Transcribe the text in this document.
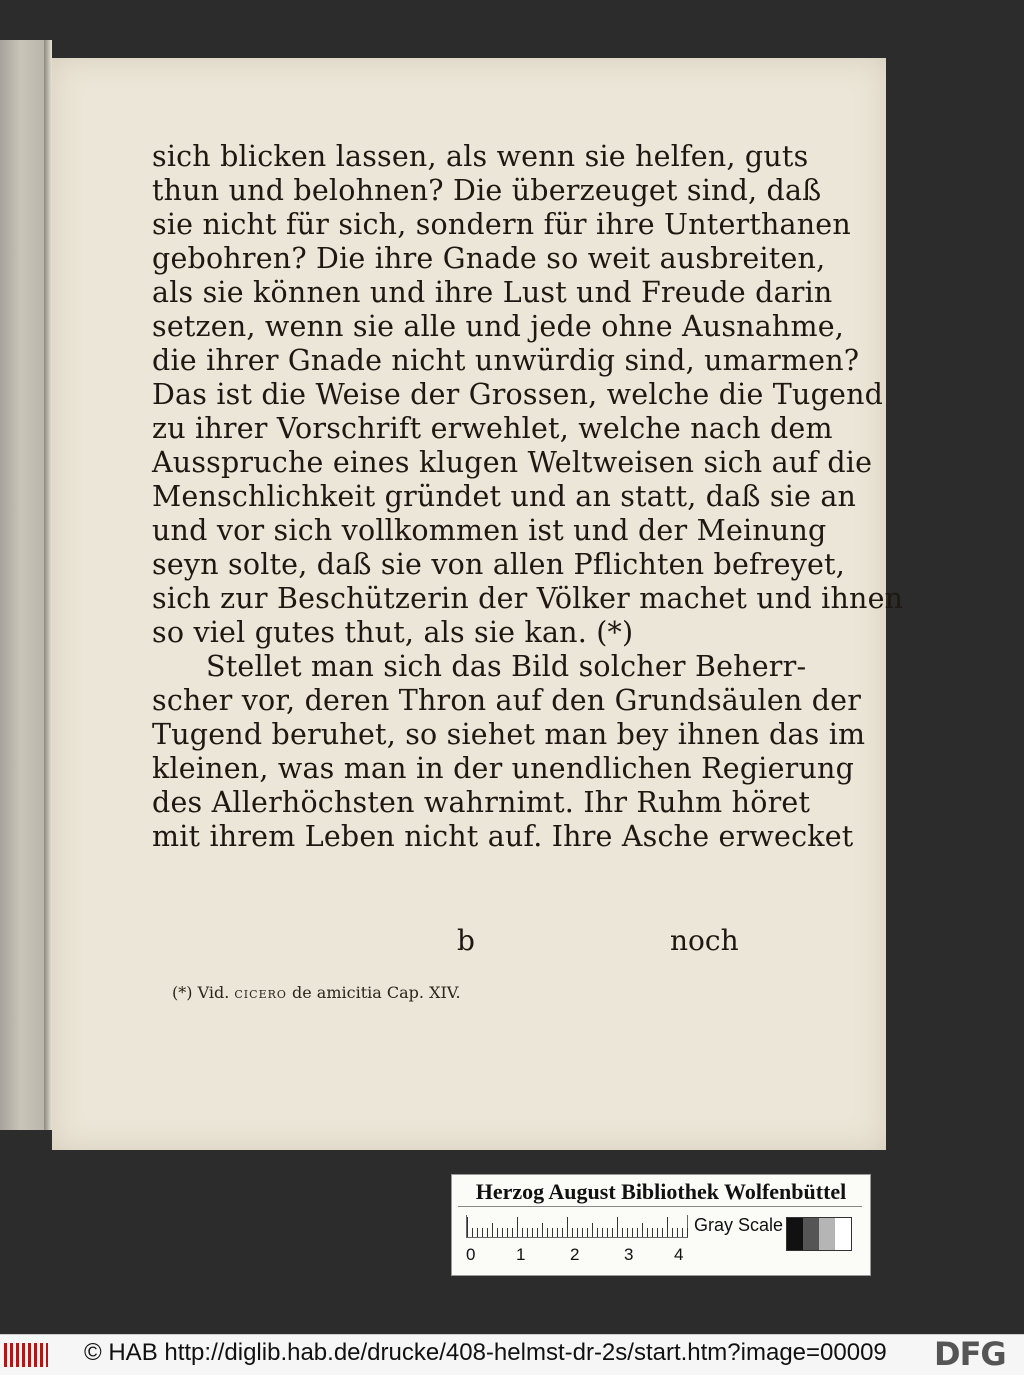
sich blicken lassen, als wenn sie helfen, guts
thun und belohnen? Die überzeuget sind, daß
sie nicht für sich, sondern für ihre Unterthanen
gebohren? Die ihre Gnade so weit ausbreiten,
als sie können und ihre Lust und Freude darin
setzen, wenn sie alle und jede ohne Ausnahme,
die ihrer Gnade nicht unwürdig sind, umarmen?
Das ist die Weise der Grossen, welche die Tugend
zu ihrer Vorschrift erwehlet, welche nach dem
Ausspruche eines klugen Weltweisen sich auf die
Menschlichkeit gründet und an statt, daß sie an
und vor sich vollkommen ist und der Meinung
seyn solte, daß sie von allen Pflichten befreyet,
sich zur Beschützerin der Völker machet und ihnen
so viel gutes thut, als sie kan. (*)
Stellet man sich das Bild solcher Beherr-
scher vor, deren Thron auf den Grundsäulen der
Tugend beruhet, so siehet man bey ihnen das im
kleinen, was man in der unendlichen Regierung
des Allerhöchsten wahrnimt. Ihr Ruhm höret
mit ihrem Leben nicht auf. Ihre Asche erwecket
b	noch
(*) Vid. cicero de amicitia Cap. XIV.
Herzog August Bibliothek Wolfenbüttel
0 1	2	3 4
Gray Scale
© HAB http://diglib.hab.de/drucke/408-helmst-dr-2s/start.htm?image=00009 DFG
